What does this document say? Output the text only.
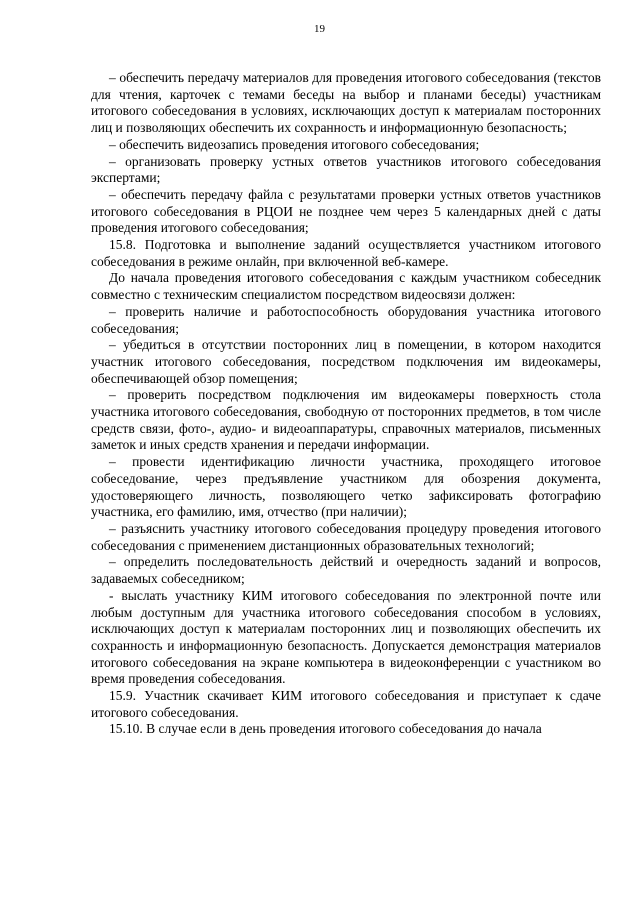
19

– обеспечить передачу материалов для проведения итогового собеседования (текстов для чтения, карточек с темами беседы на выбор и планами беседы) участникам итогового собеседования в условиях, исключающих доступ к материалам посторонних лиц и позволяющих обеспечить их сохранность и информационную безопасность;

– обеспечить видеозапись проведения итогового собеседования;

– организовать проверку устных ответов участников итогового собеседования экспертами;

– обеспечить передачу файла с результатами проверки устных ответов участников итогового собеседования в РЦОИ не позднее чем через 5 календарных дней с даты проведения итогового собеседования;

15.8. Подготовка и выполнение заданий осуществляется участником итогового собеседования в режиме онлайн, при включенной веб-камере.

До начала проведения итогового собеседования с каждым участником собеседник совместно с техническим специалистом посредством видеосвязи должен:

– проверить наличие и работоспособность оборудования участника итогового собеседования;

– убедиться в отсутствии посторонних лиц в помещении, в котором находится участник итогового собеседования, посредством подключения им видеокамеры, обеспечивающей обзор помещения;

– проверить посредством подключения им видеокамеры поверхность стола участника итогового собеседования, свободную от посторонних предметов, в том числе средств связи, фото-, аудио- и видеоаппаратуры, справочных материалов, письменных заметок и иных средств хранения и передачи информации.

– провести идентификацию личности участника, проходящего итоговое собеседование, через предъявление участником для обозрения документа, удостоверяющего личность, позволяющего четко зафиксировать фотографию участника, его фамилию, имя, отчество (при наличии);

– разъяснить участнику итогового собеседования процедуру проведения итогового собеседования с применением дистанционных образовательных технологий;

– определить последовательность действий и очередность заданий и вопросов, задаваемых собеседником;

- выслать участнику КИМ итогового собеседования по электронной почте или любым доступным для участника итогового собеседования способом в условиях, исключающих доступ к материалам посторонних лиц и позволяющих обеспечить их сохранность и информационную безопасность. Допускается демонстрация материалов итогового собеседования на экране компьютера в видеоконференции с участником во время проведения собеседования.

15.9. Участник скачивает КИМ итогового собеседования и приступает к сдаче итогового собеседования.

15.10. В случае если в день проведения итогового собеседования до начала
